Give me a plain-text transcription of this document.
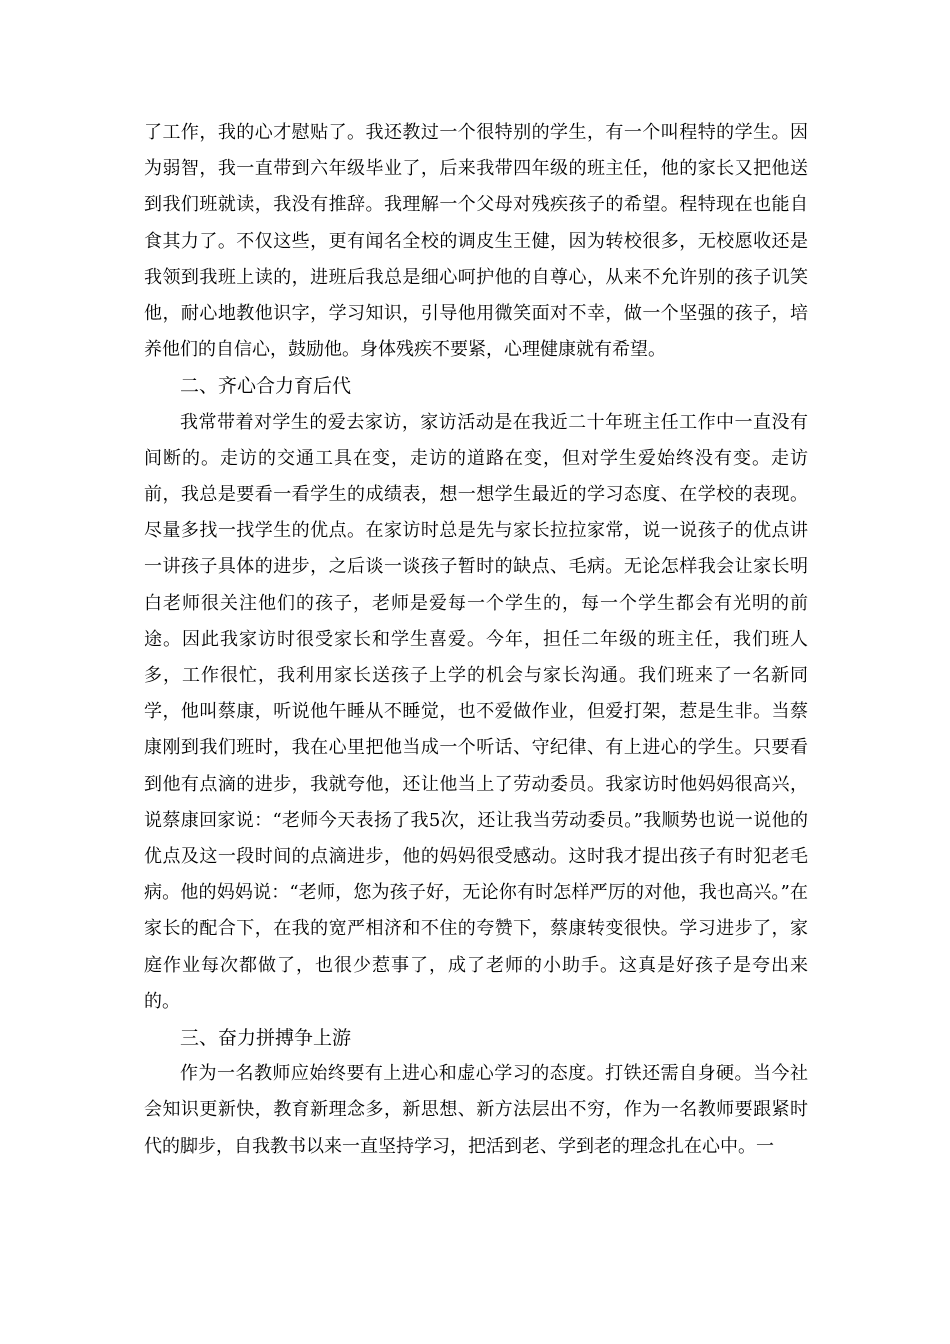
了工作，我的心才慰贴了。我还教过一个很特别的学生，有一个叫程特的学生。因为弱智，我一直带到六年级毕业了，后来我带四年级的班主任，他的家长又把他送到我们班就读，我没有推辞。我理解一个父母对残疾孩子的希望。程特现在也能自食其力了。不仅这些，更有闻名全校的调皮生王健，因为转校很多，无校愿收还是我领到我班上读的，进班后我总是细心呵护他的自尊心，从来不允许别的孩子讥笑他，耐心地教他识字，学习知识，引导他用微笑面对不幸，做一个坚强的孩子，培养他们的自信心，鼓励他。身体残疾不要紧，心理健康就有希望。

二、齐心合力育后代

我常带着对学生的爱去家访，家访活动是在我近二十年班主任工作中一直没有间断的。走访的交通工具在变，走访的道路在变，但对学生爱始终没有变。走访前，我总是要看一看学生的成绩表，想一想学生最近的学习态度、在学校的表现。尽量多找一找学生的优点。在家访时总是先与家长拉拉家常，说一说孩子的优点讲一讲孩子具体的进步，之后谈一谈孩子暂时的缺点、毛病。无论怎样我会让家长明白老师很关注他们的孩子，老师是爱每一个学生的，每一个学生都会有光明的前途。因此我家访时很受家长和学生喜爱。今年，担任二年级的班主任，我们班人多，工作很忙，我利用家长送孩子上学的机会与家长沟通。我们班来了一名新同学，他叫蔡康，听说他午睡从不睡觉，也不爱做作业，但爱打架，惹是生非。当蔡康刚到我们班时，我在心里把他当成一个听话、守纪律、有上进心的学生。只要看到他有点滴的进步，我就夸他，还让他当上了劳动委员。我家访时他妈妈很高兴，说蔡康回家说：“老师今天表扬了我5次，还让我当劳动委员。”我顺势也说一说他的优点及这一段时间的点滴进步，他的妈妈很受感动。这时我才提出孩子有时犯老毛病。他的妈妈说：“老师，您为孩子好，无论你有时怎样严厉的对他，我也高兴。”在家长的配合下，在我的宽严相济和不住的夸赞下，蔡康转变很快。学习进步了，家庭作业每次都做了，也很少惹事了，成了老师的小助手。这真是好孩子是夸出来的。

三、奋力拼搏争上游

作为一名教师应始终要有上进心和虚心学习的态度。打铁还需自身硬。当今社会知识更新快，教育新理念多，新思想、新方法层出不穷，作为一名教师要跟紧时代的脚步，自我教书以来一直坚持学习，把活到老、学到老的理念扎在心中。一
